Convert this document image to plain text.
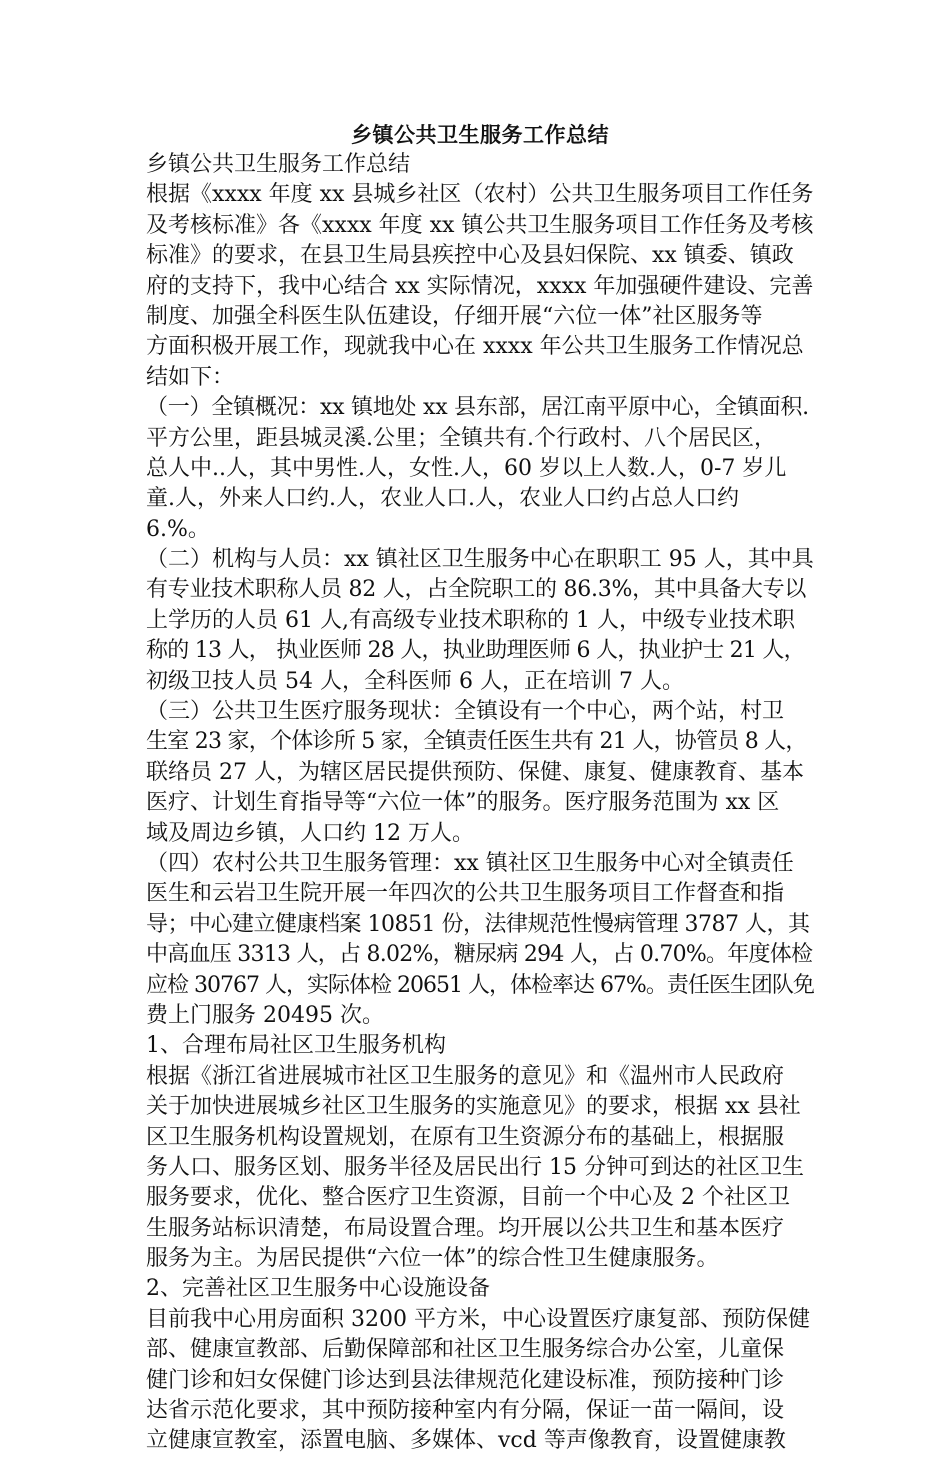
乡镇公共卫生服务工作总结
乡镇公共卫生服务工作总结
根据《xxxx 年度 xx 县城乡社区（农村）公共卫生服务项目工作任务
及考核标准》各《xxxx 年度 xx 镇公共卫生服务项目工作任务及考核
标准》的要求，在县卫生局县疾控中心及县妇保院、xx 镇委、镇政
府的支持下，我中心结合 xx 实际情况，xxxx 年加强硬件建设、完善
制度、加强全科医生队伍建设，仔细开展“六位一体”社区服务等
方面积极开展工作，现就我中心在 xxxx 年公共卫生服务工作情况总
结如下：
（一）全镇概况：xx 镇地处 xx 县东部，居江南平原中心，全镇面积.
平方公里，距县城灵溪.公里；全镇共有.个行政村、八个居民区，
总人中..人，其中男性.人，女性.人，60 岁以上人数.人，0-7 岁儿
童.人，外来人口约.人，农业人口.人，农业人口约占总人口约
6.%。
（二）机构与人员：xx 镇社区卫生服务中心在职职工 95 人，其中具
有专业技术职称人员 82 人，占全院职工的 86.3%，其中具备大专以
上学历的人员 61 人,有高级专业技术职称的 1 人，中级专业技术职
称的 13 人， 执业医师 28 人，执业助理医师 6 人，执业护士 21 人，
初级卫技人员 54 人，全科医师 6 人，正在培训 7 人。
（三）公共卫生医疗服务现状：全镇设有一个中心，两个站，村卫
生室 23 家，个体诊所 5 家，全镇责任医生共有 21 人，协管员 8 人，
联络员 27 人，为辖区居民提供预防、保健、康复、健康教育、基本
医疗、计划生育指导等“六位一体”的服务。医疗服务范围为 xx 区
域及周边乡镇，人口约 12 万人。
（四）农村公共卫生服务管理：xx 镇社区卫生服务中心对全镇责任
医生和云岩卫生院开展一年四次的公共卫生服务项目工作督查和指
导；中心建立健康档案 10851 份，法律规范性慢病管理 3787 人，其
中高血压 3313 人，占 8.02%，糖尿病 294 人，占 0.70%。年度体检
应检 30767 人，实际体检 20651 人，体检率达 67%。责任医生团队免
费上门服务 20495 次。
1、合理布局社区卫生服务机构
根据《浙江省进展城市社区卫生服务的意见》和《温州市人民政府
关于加快进展城乡社区卫生服务的实施意见》的要求，根据 xx 县社
区卫生服务机构设置规划，在原有卫生资源分布的基础上，根据服
务人口、服务区划、服务半径及居民出行 15 分钟可到达的社区卫生
服务要求，优化、整合医疗卫生资源，目前一个中心及 2 个社区卫
生服务站标识清楚，布局设置合理。均开展以公共卫生和基本医疗
服务为主。为居民提供“六位一体”的综合性卫生健康服务。
2、完善社区卫生服务中心设施设备
目前我中心用房面积 3200 平方米，中心设置医疗康复部、预防保健
部、健康宣教部、后勤保障部和社区卫生服务综合办公室，儿童保
健门诊和妇女保健门诊达到县法律规范化建设标准，预防接种门诊
达省示范化要求，其中预防接种室内有分隔，保证一苗一隔间，设
立健康宣教室，添置电脑、多媒体、vcd 等声像教育，设置健康教
